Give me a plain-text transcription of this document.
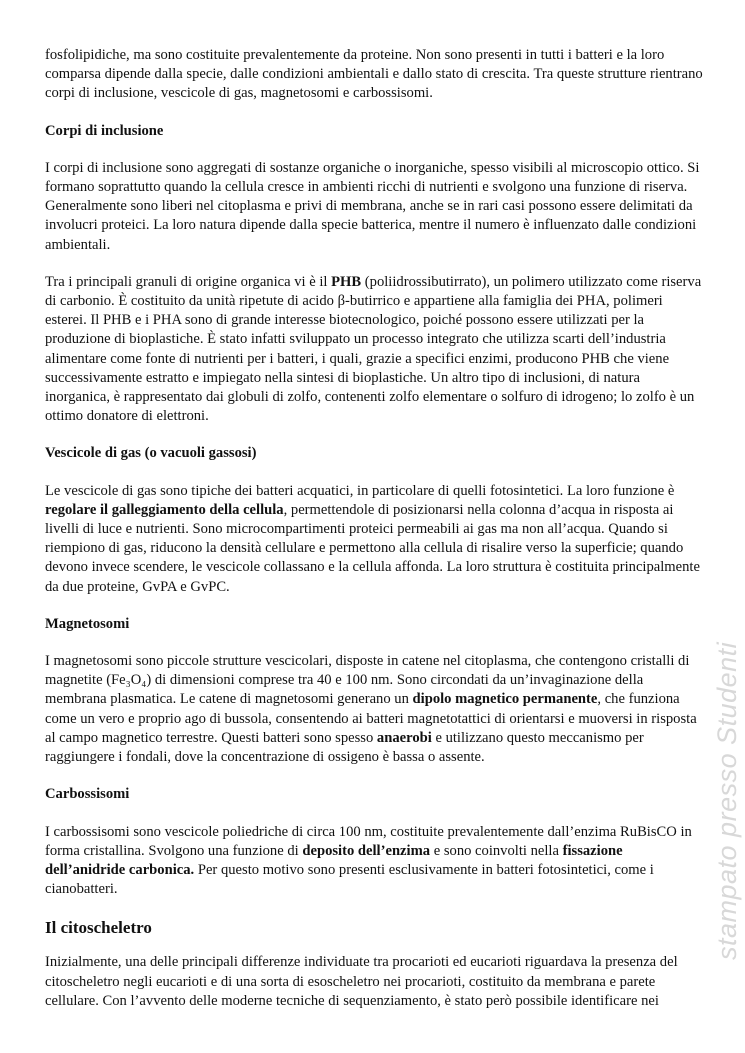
fosfolipidiche, ma sono costituite prevalentemente da proteine. Non sono presenti in tutti i batteri e la loro comparsa dipende dalla specie, dalle condizioni ambientali e dallo stato di crescita. Tra queste strutture rientrano corpi di inclusione, vescicole di gas, magnetosomi e carbossisomi.

Corpi di inclusione

I corpi di inclusione sono aggregati di sostanze organiche o inorganiche, spesso visibili al microscopio ottico. Si formano soprattutto quando la cellula cresce in ambienti ricchi di nutrienti e svolgono una funzione di riserva. Generalmente sono liberi nel citoplasma e privi di membrana, anche se in rari casi possono essere delimitati da involucri proteici. La loro natura dipende dalla specie batterica, mentre il numero è influenzato dalle condizioni ambientali.

Tra i principali granuli di origine organica vi è il PHB (poliidrossibutirrato), un polimero utilizzato come riserva di carbonio. È costituito da unità ripetute di acido β-butirrico e appartiene alla famiglia dei PHA, polimeri esterei. Il PHB e i PHA sono di grande interesse biotecnologico, poiché possono essere utilizzati per la produzione di bioplastiche. È stato infatti sviluppato un processo integrato che utilizza scarti dell’industria alimentare come fonte di nutrienti per i batteri, i quali, grazie a specifici enzimi, producono PHB che viene successivamente estratto e impiegato nella sintesi di bioplastiche. Un altro tipo di inclusioni, di natura inorganica, è rappresentato dai globuli di zolfo, contenenti zolfo elementare o solfuro di idrogeno; lo zolfo è un ottimo donatore di elettroni.

Vescicole di gas (o vacuoli gassosi)

Le vescicole di gas sono tipiche dei batteri acquatici, in particolare di quelli fotosintetici. La loro funzione è regolare il galleggiamento della cellula, permettendole di posizionarsi nella colonna d’acqua in risposta ai livelli di luce e nutrienti. Sono microcompartimenti proteici permeabili ai gas ma non all’acqua. Quando si riempiono di gas, riducono la densità cellulare e permettono alla cellula di risalire verso la superficie; quando devono invece scendere, le vescicole collassano e la cellula affonda. La loro struttura è costituita principalmente da due proteine, GvPA e GvPC.

Magnetosomi

I magnetosomi sono piccole strutture vescicolari, disposte in catene nel citoplasma, che contengono cristalli di magnetite (Fe₃O₄) di dimensioni comprese tra 40 e 100 nm. Sono circondati da un’invaginazione della membrana plasmatica. Le catene di magnetosomi generano un dipolo magnetico permanente, che funziona come un vero e proprio ago di bussola, consentendo ai batteri magnetotattici di orientarsi e muoversi in risposta al campo magnetico terrestre. Questi batteri sono spesso anaerobi e utilizzano questo meccanismo per raggiungere i fondali, dove la concentrazione di ossigeno è bassa o assente.

Carbossisomi

I carbossisomi sono vescicole poliedriche di circa 100 nm, costituite prevalentemente dall’enzima RuBisCO in forma cristallina. Svolgono una funzione di deposito dell’enzima e sono coinvolti nella fissazione dell’anidride carbonica. Per questo motivo sono presenti esclusivamente in batteri fotosintetici, come i cianobatteri.

Il citoscheletro

Inizialmente, una delle principali differenze individuate tra procarioti ed eucarioti riguardava la presenza del citoscheletro negli eucarioti e di una sorta di esoscheletro nei procarioti, costituito da membrana e parete cellulare. Con l’avvento delle moderne tecniche di sequenziamento, è stato però possibile identificare nei

stampato presso Studenti
